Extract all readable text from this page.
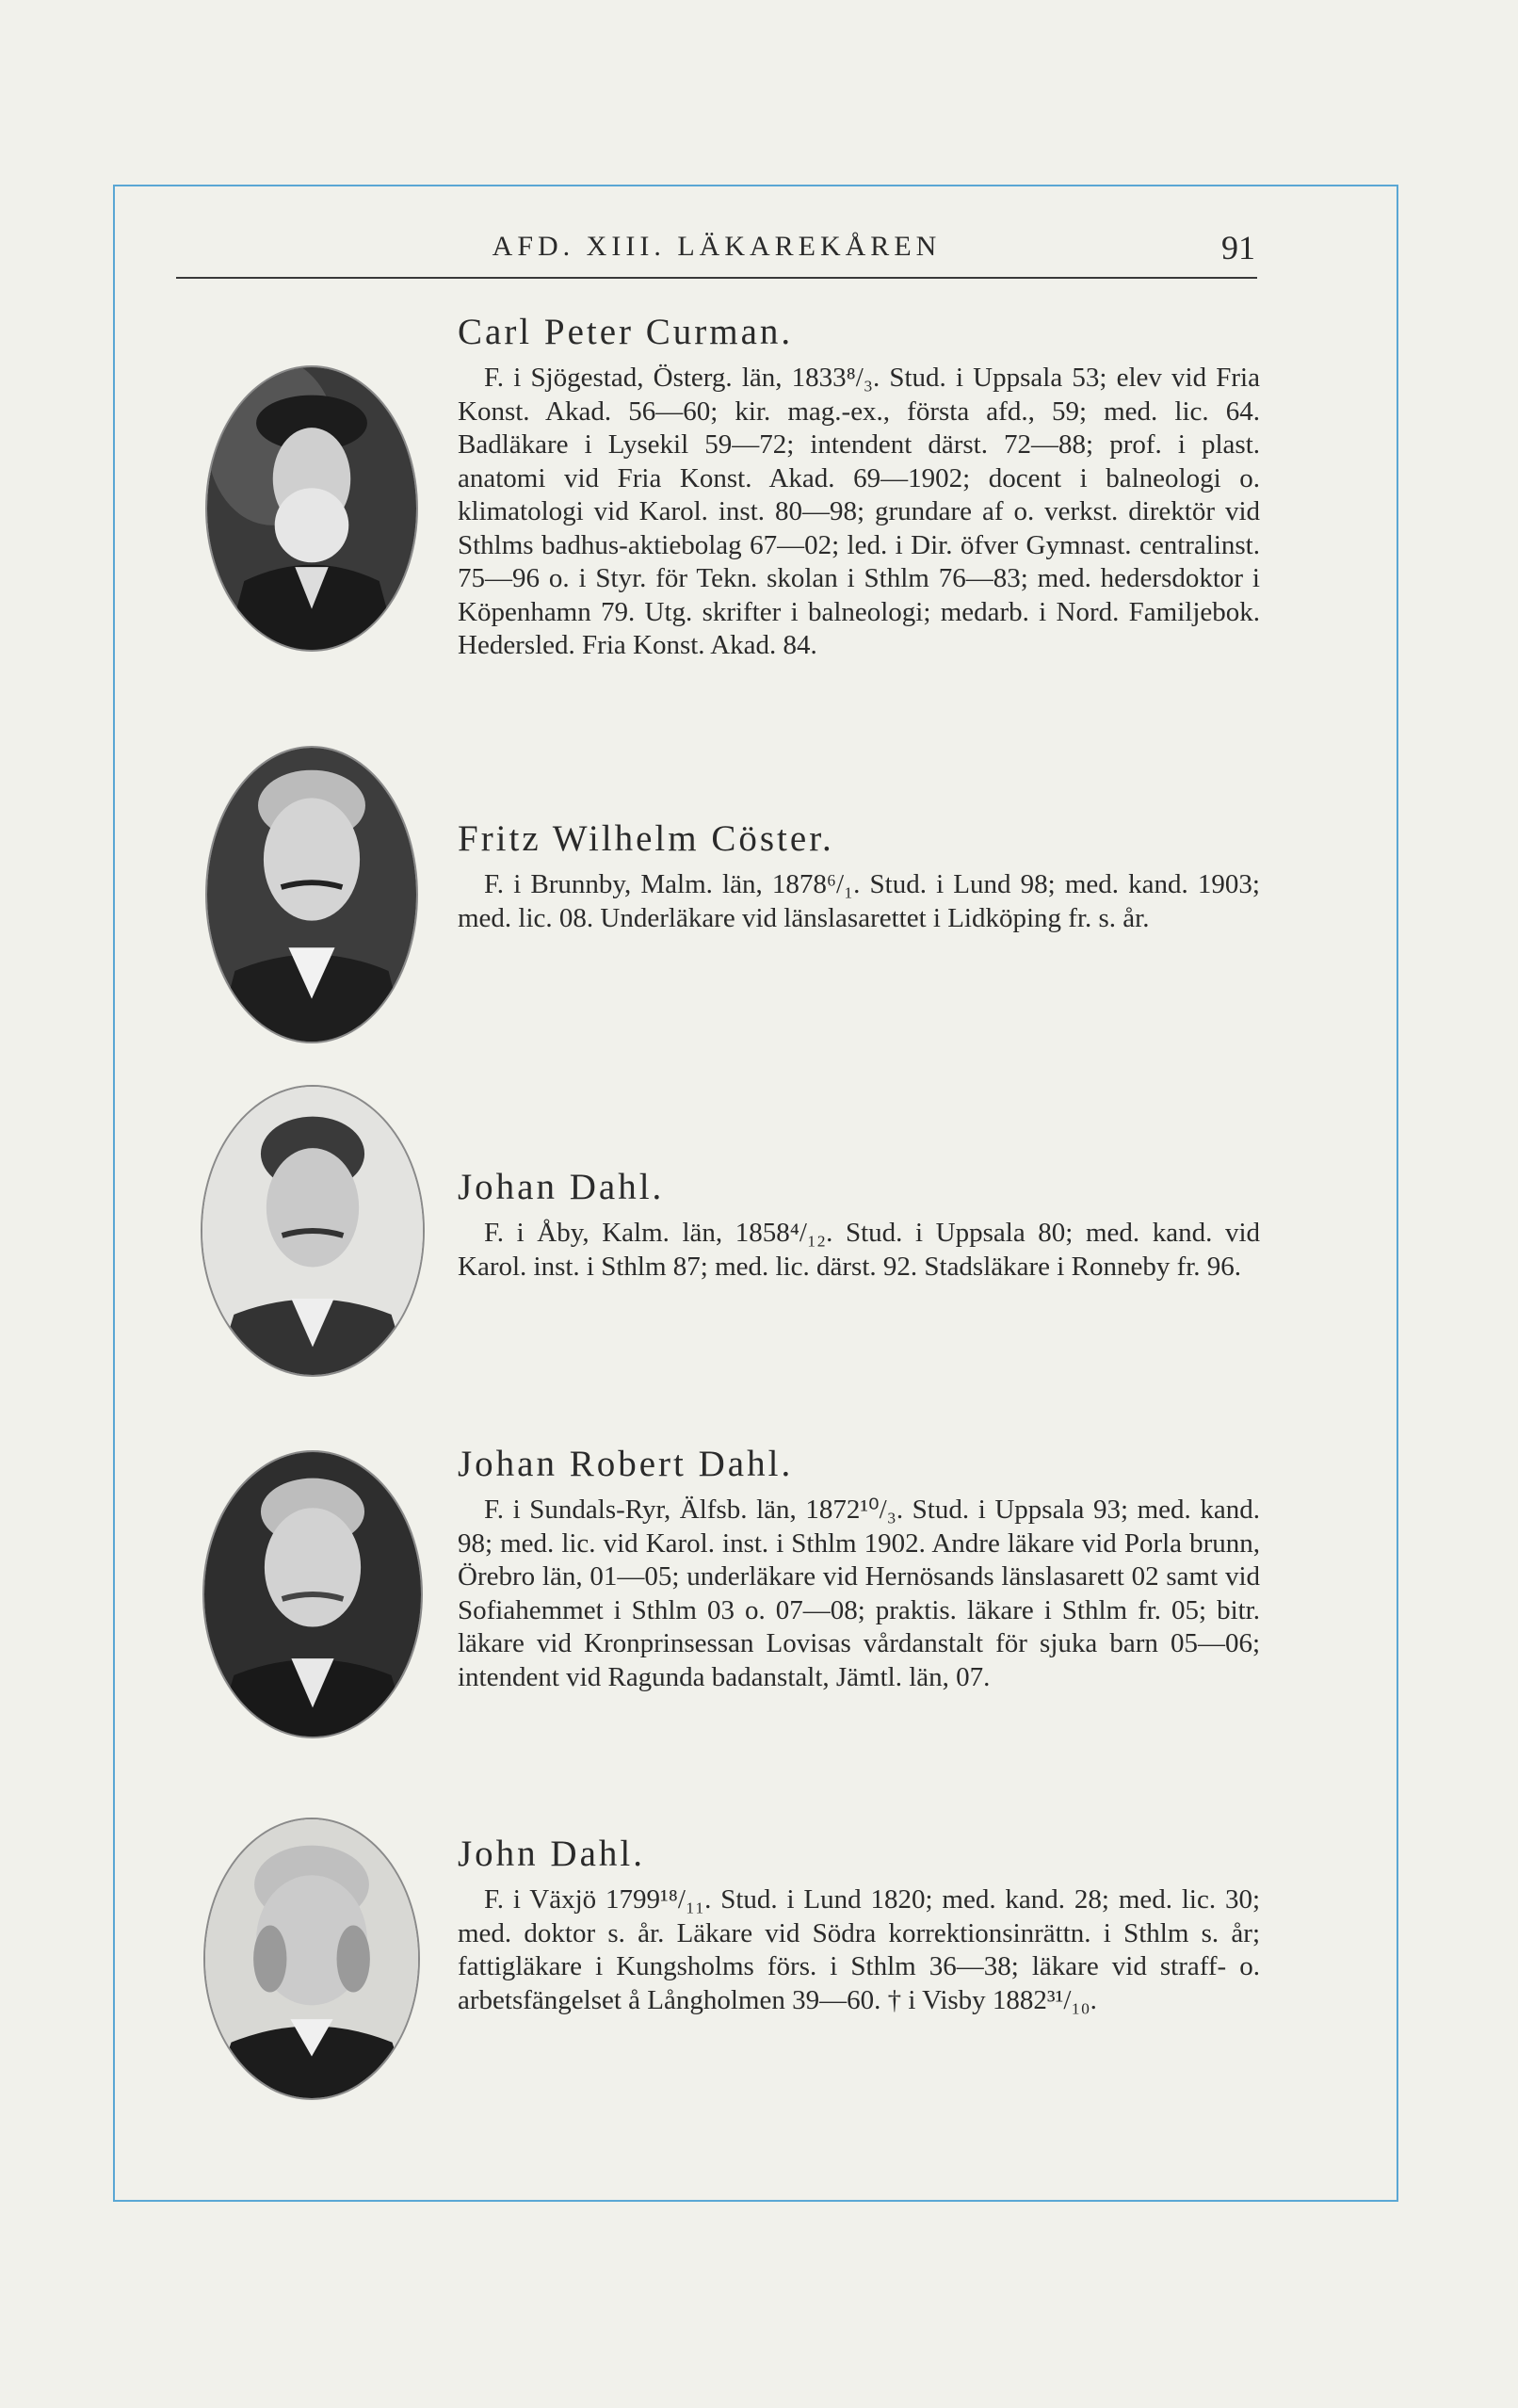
AFD. XIII. LÄKAREKÅREN	91
Carl Peter Curman.

F. i Sjögestad, Österg. län, 1833⁸/₃. Stud. i Uppsala 53; elev vid Fria Konst. Akad. 56—60; kir. mag.-ex., första afd., 59; med. lic. 64. Badläkare i Lysekil 59—72; intendent därst. 72—88; prof. i plast. anatomi vid Fria Konst. Akad. 69—1902; docent i balneologi o. klimatologi vid Karol. inst. 80—98; grundare af o. verkst. direktör vid Sthlms badhus-aktiebolag 67—02; led. i Dir. öfver Gymnast. centralinst. 75—96 o. i Styr. för Tekn. skolan i Sthlm 76—83; med. hedersdoktor i Köpenhamn 79. Utg. skrifter i balneologi; medarb. i Nord. Familjebok. Hedersled. Fria Konst. Akad. 84.

Fritz Wilhelm Cöster.

F. i Brunnby, Malm. län, 1878⁶/₁. Stud. i Lund 98; med. kand. 1903; med. lic. 08. Underläkare vid länslasarettet i Lidköping fr. s. år.

Johan Dahl.

F. i Åby, Kalm. län, 1858⁴/₁₂. Stud. i Uppsala 80; med. kand. vid Karol. inst. i Sthlm 87; med. lic. därst. 92. Stadsläkare i Ronneby fr. 96.

Johan Robert Dahl.

F. i Sundals-Ryr, Älfsb. län, 1872¹⁰/₃. Stud. i Uppsala 93; med. kand. 98; med. lic. vid Karol. inst. i Sthlm 1902. Andre läkare vid Porla brunn, Örebro län, 01—05; underläkare vid Hernösands länslasarett 02 samt vid Sofiahemmet i Sthlm 03 o. 07—08; praktis. läkare i Sthlm fr. 05; bitr. läkare vid Kronprinsessan Lovisas vårdanstalt för sjuka barn 05—06; intendent vid Ragunda badanstalt, Jämtl. län, 07.

John Dahl.

F. i Växjö 1799¹⁸/₁₁. Stud. i Lund 1820; med. kand. 28; med. lic. 30; med. doktor s. år. Läkare vid Södra korrektionsinrättn. i Sthlm s. år; fattigläkare i Kungsholms förs. i Sthlm 36—38; läkare vid straff- o. arbetsfängelset å Långholmen 39—60. † i Visby 1882³¹/₁₀.
